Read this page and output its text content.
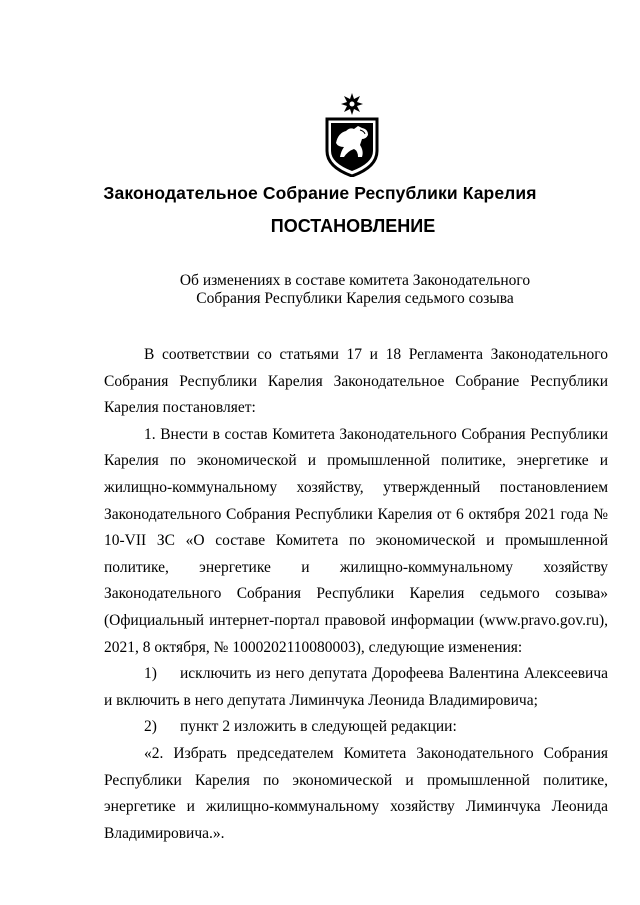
Законодательное Собрание Республики Карелия
ПОСТАНОВЛЕНИЕ
Об изменениях в составе комитета Законодательного
Собрания Республики Карелия седьмого созыва

В соответствии со статьями 17 и 18 Регламента Законодательного Собрания Республики Карелия Законодательное Собрание Республики Карелия постановляет:

1. Внести в состав Комитета Законодательного Собрания Республики Карелия по экономической и промышленной политике, энергетике и жилищно-коммунальному хозяйству, утвержденный постановлением Законодательного Собрания Республики Карелия от 6 октября 2021 года № 10-VII ЗС «О составе Комитета по экономической и промышленной политике, энергетике и жилищно-коммунальному хозяйству Законодательного Собрания Республики Карелия седьмого созыва» (Официальный интернет-портал правовой информации (www.pravo.gov.ru), 2021, 8 октября, № 1000202110080003), следующие изменения:

1) исключить из него депутата Дорофеева Валентина Алексеевича и включить в него депутата Лиминчука Леонида Владимировича;

2) пункт 2 изложить в следующей редакции:

«2. Избрать председателем Комитета Законодательного Собрания Республики Карелия по экономической и промышленной политике, энергетике и жилищно-коммунальному хозяйству Лиминчука Леонида Владимировича.».
